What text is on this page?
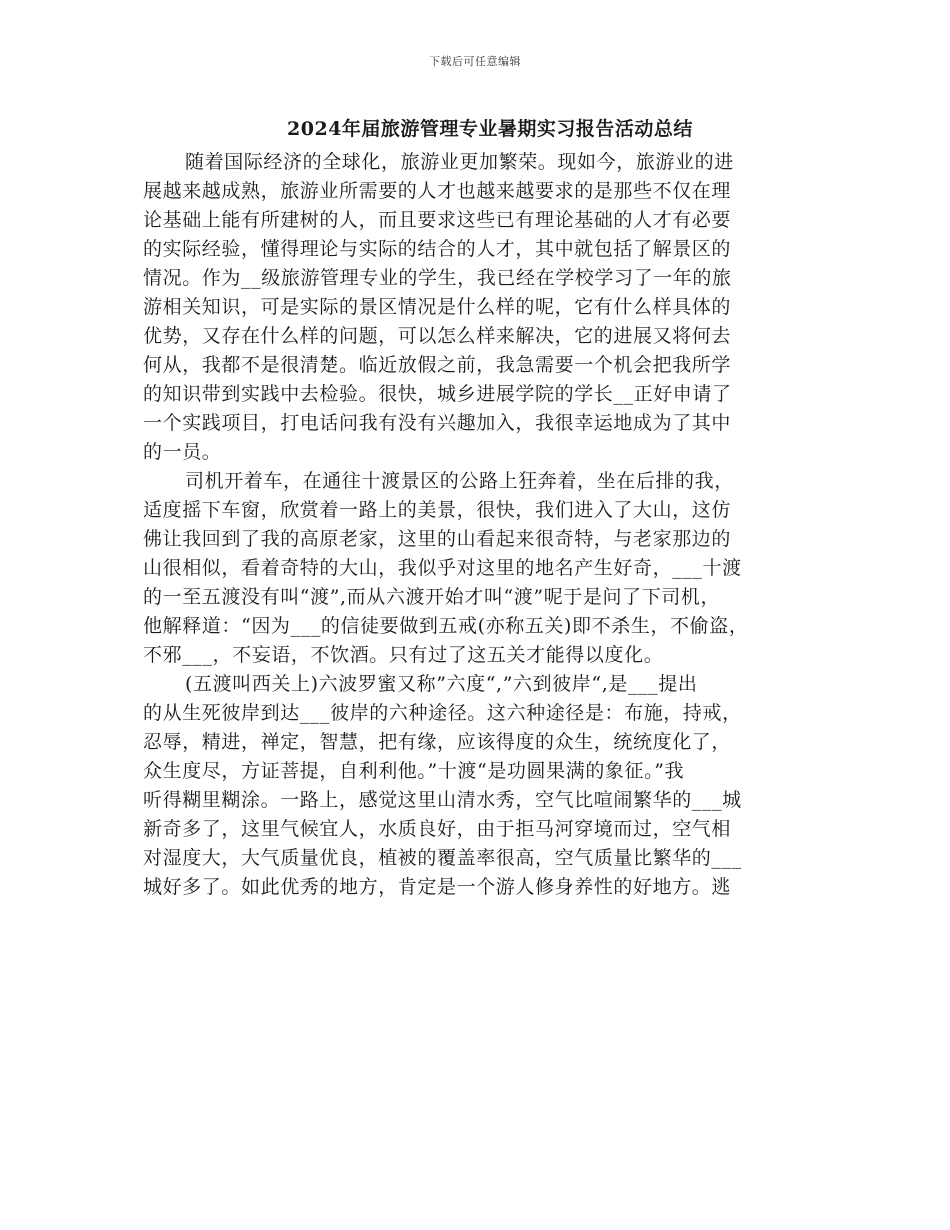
下载后可任意编辑
2024年届旅游管理专业暑期实习报告活动总结
随着国际经济的全球化，旅游业更加繁荣。现如今，旅游业的进
展越来越成熟，旅游业所需要的人才也越来越要求的是那些不仅在理
论基础上能有所建树的人，而且要求这些已有理论基础的人才有必要
的实际经验，懂得理论与实际的结合的人才，其中就包括了解景区的
情况。作为__级旅游管理专业的学生，我已经在学校学习了一年的旅
游相关知识，可是实际的景区情况是什么样的呢，它有什么样具体的
优势，又存在什么样的问题，可以怎么样来解决，它的进展又将何去
何从，我都不是很清楚。临近放假之前，我急需要一个机会把我所学
的知识带到实践中去检验。很快，城乡进展学院的学长__正好申请了
一个实践项目，打电话问我有没有兴趣加入，我很幸运地成为了其中
的一员。
司机开着车，在通往十渡景区的公路上狂奔着，坐在后排的我，
适度摇下车窗，欣赏着一路上的美景，很快，我们进入了大山，这仿
佛让我回到了我的高原老家，这里的山看起来很奇特，与老家那边的
山很相似，看着奇特的大山，我似乎对这里的地名产生好奇，___十渡
的一至五渡没有叫“渡”,而从六渡开始才叫“渡”呢于是问了下司机，
他解释道：“因为___的信徒要做到五戒(亦称五关)即不杀生，不偷盗，
不邪___，不妄语，不饮酒。只有过了这五关才能得以度化。
(五渡叫西关上)六波罗蜜又称”六度“,”六到彼岸“,是___提出
的从生死彼岸到达___彼岸的六种途径。这六种途径是：布施，持戒，
忍辱，精进，禅定，智慧，把有缘，应该得度的众生，统统度化了，
众生度尽，方证菩提，自利利他。”十渡“是功圆果满的象征。”我
听得糊里糊涂。一路上，感觉这里山清水秀，空气比喧闹繁华的___城
新奇多了，这里气候宜人，水质良好，由于拒马河穿境而过，空气相
对湿度大，大气质量优良，植被的覆盖率很高，空气质量比繁华的___
城好多了。如此优秀的地方，肯定是一个游人修身养性的好地方。逃
